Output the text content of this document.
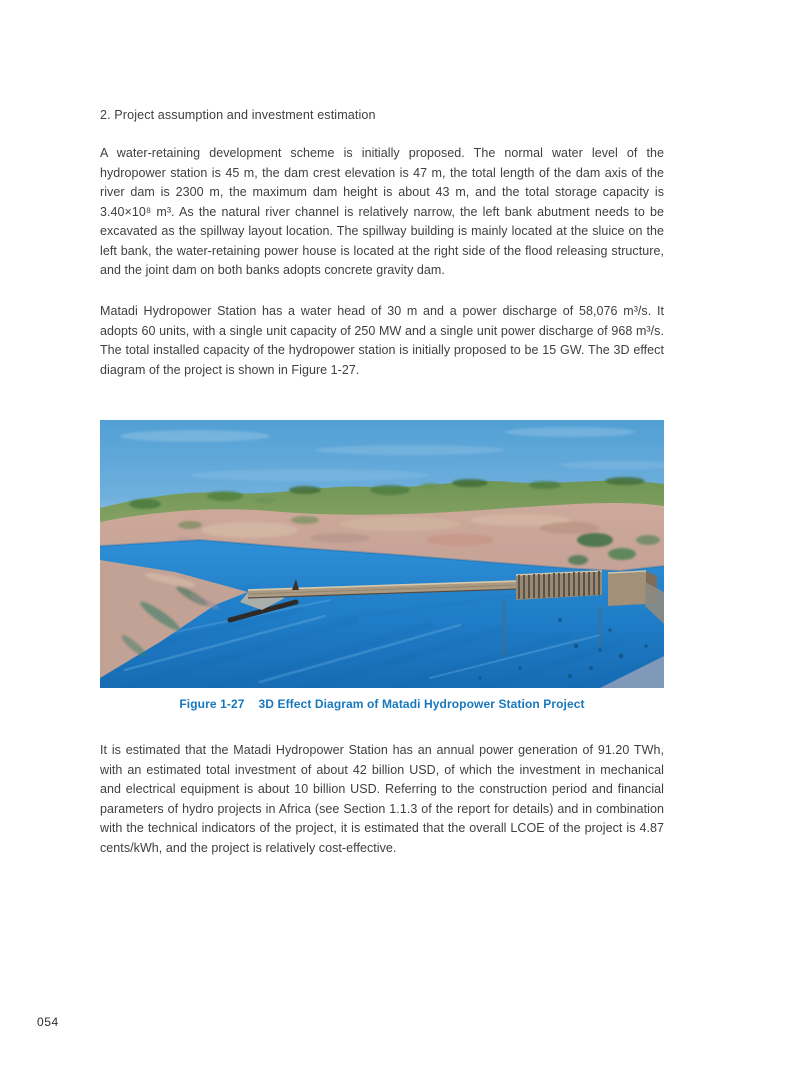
2. Project assumption and investment estimation

A water-retaining development scheme is initially proposed. The normal water level of the hydropower station is 45 m, the dam crest elevation is 47 m, the total length of the dam axis of the river dam is 2300 m, the maximum dam height is about 43 m, and the total storage capacity is 3.40×10⁸ m³. As the natural river channel is relatively narrow, the left bank abutment needs to be excavated as the spillway layout location. The spillway building is mainly located at the sluice on the left bank, the water-retaining power house is located at the right side of the flood releasing structure, and the joint dam on both banks adopts concrete gravity dam.

Matadi Hydropower Station has a water head of 30 m and a power discharge of 58,076 m³/s. It adopts 60 units, with a single unit capacity of 250 MW and a single unit power discharge of 968 m³/s. The total installed capacity of the hydropower station is initially proposed to be 15 GW. The 3D effect diagram of the project is shown in Figure 1-27.

Figure 1-27 3D Effect Diagram of Matadi Hydropower Station Project

It is estimated that the Matadi Hydropower Station has an annual power generation of 91.20 TWh, with an estimated total investment of about 42 billion USD, of which the investment in mechanical and electrical equipment is about 10 billion USD. Referring to the construction period and financial parameters of hydro projects in Africa (see Section 1.1.3 of the report for details) and in combination with the technical indicators of the project, it is estimated that the overall LCOE of the project is 4.87 cents/kWh, and the project is relatively cost-effective.

054
